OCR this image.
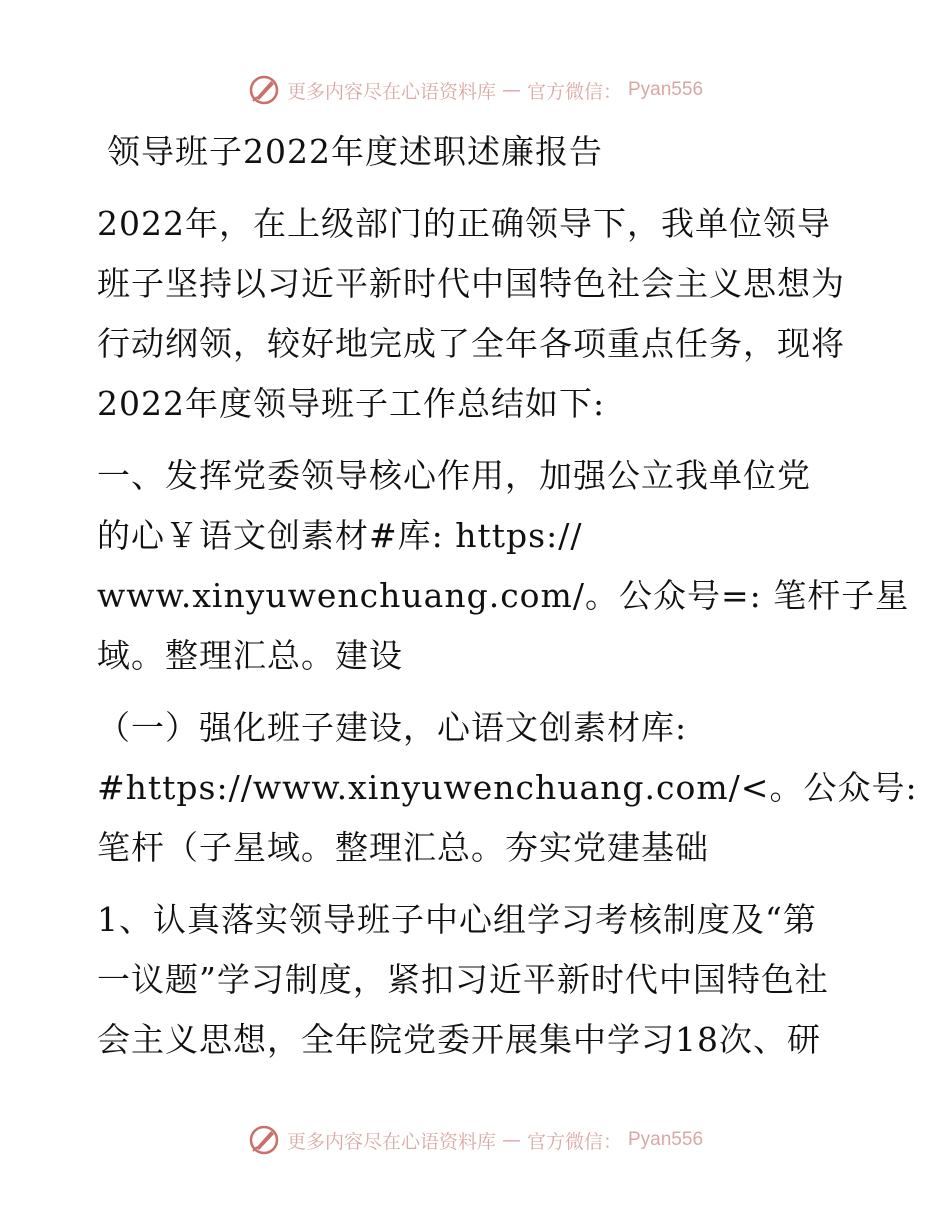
更多内容尽在心语资料库 — 官方微信： Pyan556
领导班子2022年度述职述廉报告
2022年，在上级部门的正确领导下，我单位领导
班子坚持以习近平新时代中国特色社会主义思想为
行动纲领，较好地完成了全年各项重点任务，现将
2022年度领导班子工作总结如下:
一、发挥党委领导核心作用，加强公立我单位党
的心￥语文创素材#库: https://
www.xinyuwenchuang.com/。公众号=: 笔杆子星
域。整理汇总。建设
（一）强化班子建设，心语文创素材库:
#https://www.xinyuwenchuang.com/<。公众号:
笔杆（子星域。整理汇总。夯实党建基础
1、认真落实领导班子中心组学习考核制度及“第
一议题”学习制度，紧扣习近平新时代中国特色社
会主义思想，全年院党委开展集中学习18次、研
更多内容尽在心语资料库 — 官方微信： Pyan556
